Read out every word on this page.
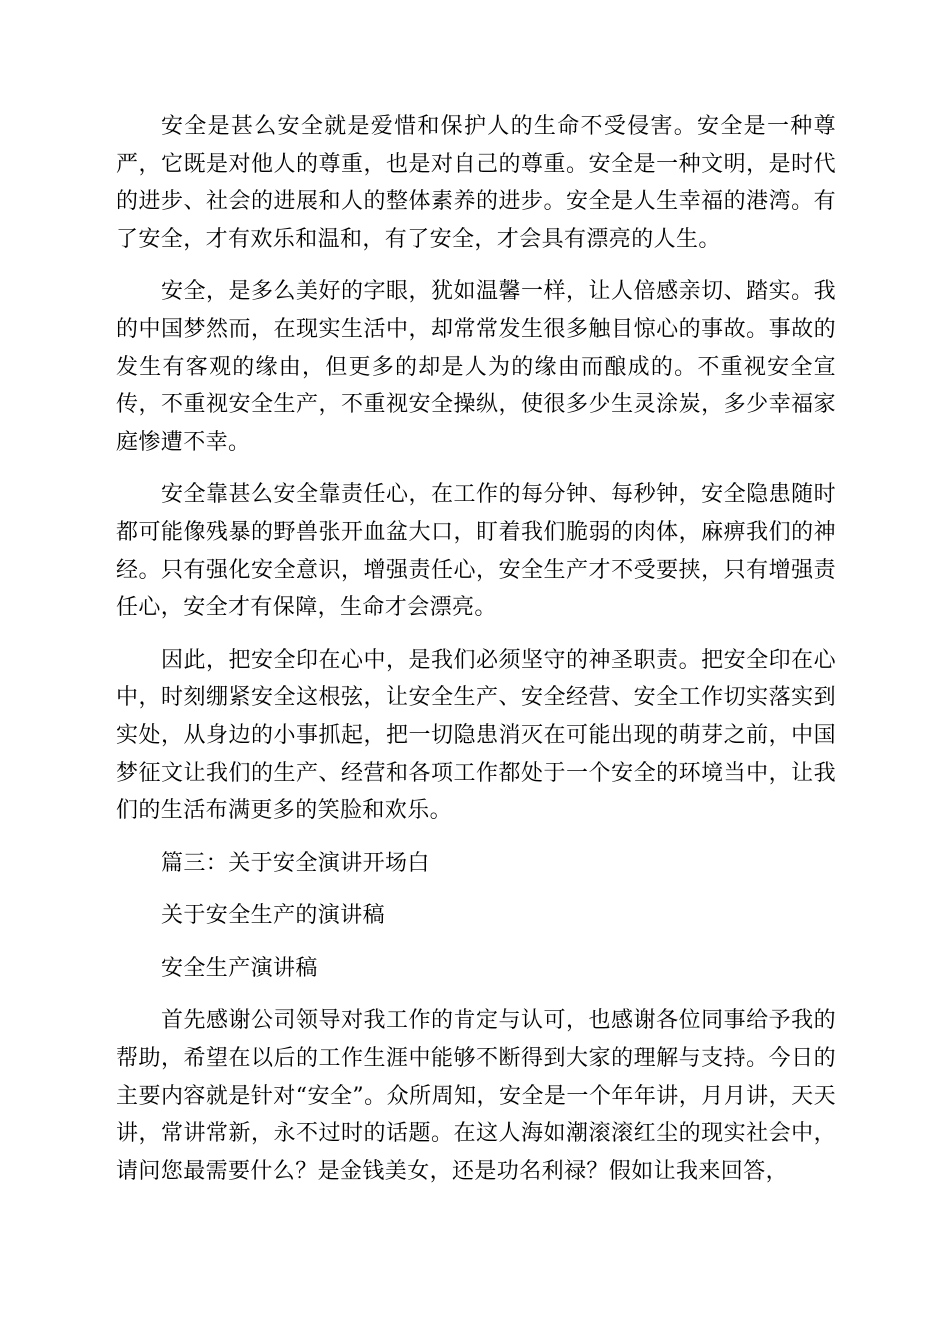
安全是甚么安全就是爱惜和保护人的生命不受侵害。安全是一种尊严，它既是对他人的尊重，也是对自己的尊重。安全是一种文明，是时代的进步、社会的进展和人的整体素养的进步。安全是人生幸福的港湾。有了安全，才有欢乐和温和，有了安全，才会具有漂亮的人生。

安全，是多么美好的字眼，犹如温馨一样，让人倍感亲切、踏实。我的中国梦然而，在现实生活中，却常常发生很多触目惊心的事故。事故的发生有客观的缘由，但更多的却是人为的缘由而酿成的。不重视安全宣传，不重视安全生产，不重视安全操纵，使很多少生灵涂炭，多少幸福家庭惨遭不幸。

安全靠甚么安全靠责任心，在工作的每分钟、每秒钟，安全隐患随时都可能像残暴的野兽张开血盆大口，盯着我们脆弱的肉体，麻痹我们的神经。只有强化安全意识，增强责任心，安全生产才不受要挟，只有增强责任心，安全才有保障，生命才会漂亮。

因此，把安全印在心中，是我们必须坚守的神圣职责。把安全印在心中，时刻绷紧安全这根弦，让安全生产、安全经营、安全工作切实落实到实处，从身边的小事抓起，把一切隐患消灭在可能出现的萌芽之前，中国梦征文让我们的生产、经营和各项工作都处于一个安全的环境当中，让我们的生活布满更多的笑脸和欢乐。

篇三：关于安全演讲开场白

关于安全生产的演讲稿

安全生产演讲稿

首先感谢公司领导对我工作的肯定与认可，也感谢各位同事给予我的帮助，希望在以后的工作生涯中能够不断得到大家的理解与支持。今日的主要内容就是针对“安全”。众所周知，安全是一个年年讲，月月讲，天天讲，常讲常新，永不过时的话题。在这人海如潮滚滚红尘的现实社会中，请问您最需要什么？是金钱美女，还是功名利禄？假如让我来回答，
